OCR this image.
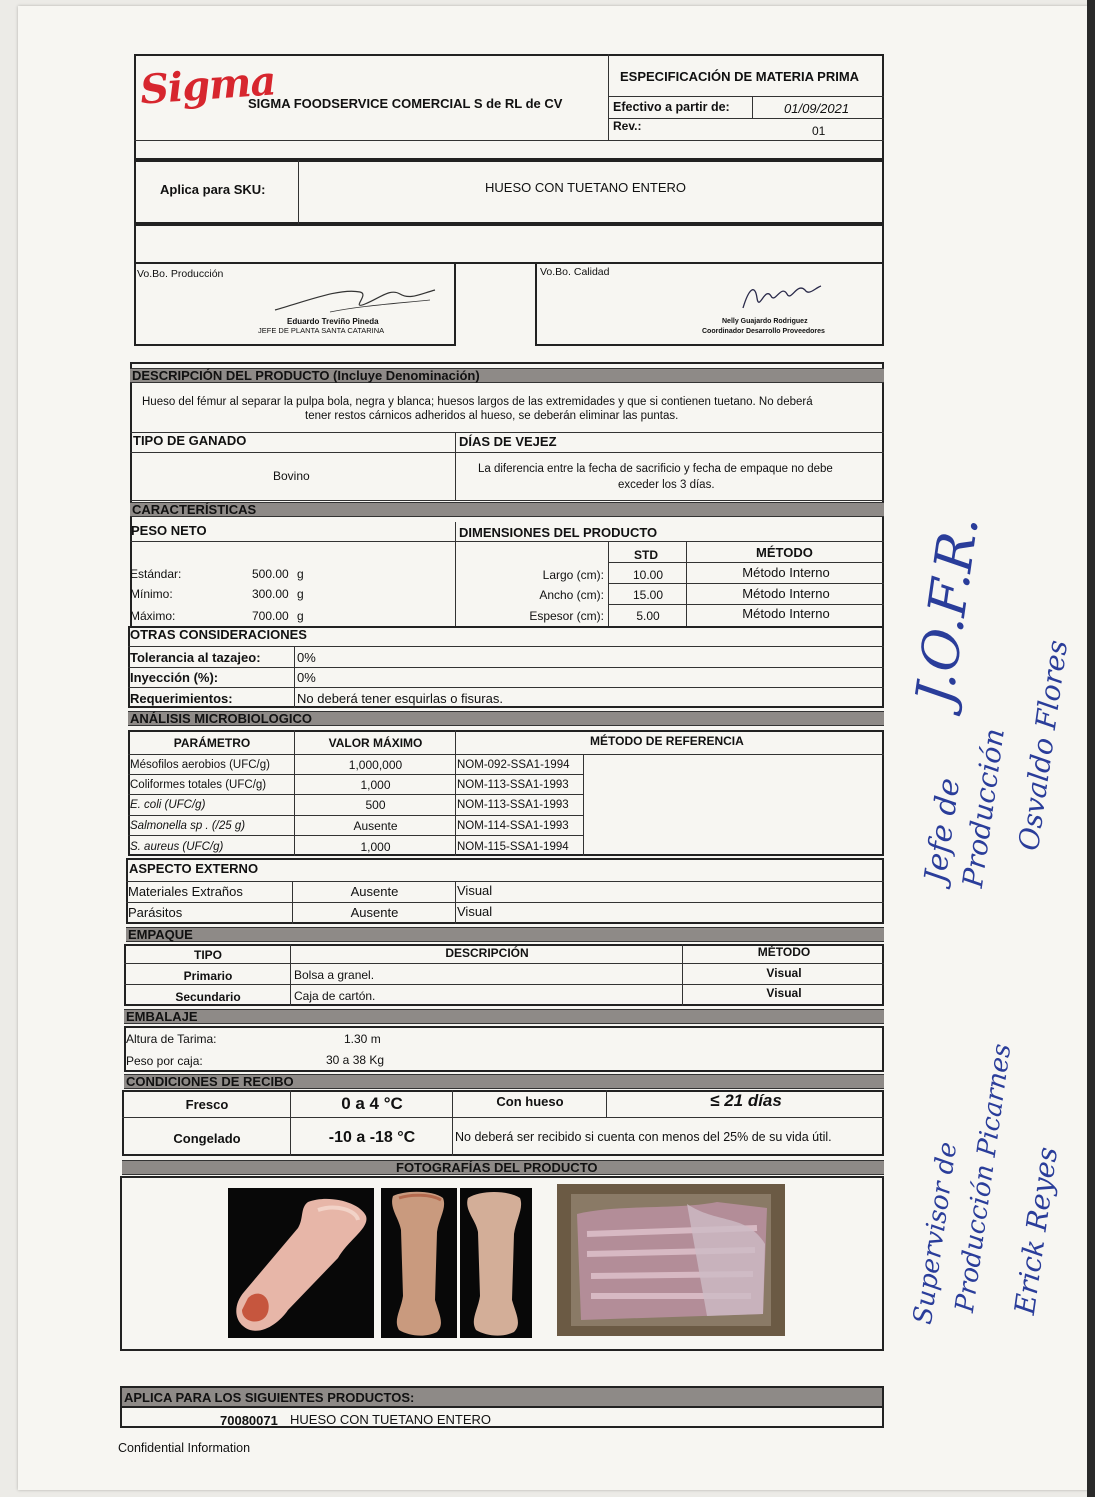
Sigma
SIGMA FOODSERVICE COMERCIAL S de RL de CV
ESPECIFICACIÓN DE MATERIA PRIMA
Efectivo a partir de:	01/09/2021
Rev.:	01
Aplica para SKU:	HUESO CON TUETANO ENTERO
Vo.Bo. Producción
Eduardo Treviño Pineda
JEFE DE PLANTA SANTA CATARINA
Vo.Bo. Calidad
Nelly Guajardo Rodriguez
Coordinador Desarrollo Proveedores
DESCRIPCIÓN DEL PRODUCTO (Incluye Denominación)
Hueso del fémur al separar la pulpa bola, negra y blanca; huesos largos de las extremidades y que si contienen tuetano. No deberá
tener restos cárnicos adheridos al hueso, se deberán eliminar las puntas.
TIPO DE GANADO	DÍAS DE VEJEZ
Bovino	La diferencia entre la fecha de sacrificio y fecha de empaque no debe
exceder los 3 días.
CARACTERÍSTICAS
PESO NETO	DIMENSIONES DEL PRODUCTO
STD	MÉTODO
Estándar:	500.00 g
Mínimo:	300.00 g
Máximo:	700.00 g
Largo (cm):	10.00	Método Interno
Ancho (cm):	15.00	Método Interno
Espesor (cm):	5.00	Método Interno
OTRAS CONSIDERACIONES
Tolerancia al tazajeo:	0%
Inyección (%):	0%
Requerimientos:	No deberá tener esquirlas o fisuras.
ANÁLISIS MICROBIOLOGICO
PARÁMETRO	VALOR MÁXIMO	MÉTODO DE REFERENCIA
Mésofilos aerobios (UFC/g)	1,000,000	NOM-092-SSA1-1994
Coliformes totales (UFC/g)	1,000	NOM-113-SSA1-1993
E. coli (UFC/g)	500	NOM-113-SSA1-1993
Salmonella sp . (/25 g)	Ausente	NOM-114-SSA1-1993
S. aureus (UFC/g)	1,000	NOM-115-SSA1-1994
ASPECTO EXTERNO
Materiales Extraños	Ausente	Visual
Parásitos	Ausente	Visual
EMPAQUE
TIPO	DESCRIPCIÓN	MÉTODO
Primario	Bolsa a granel.	Visual
Secundario	Caja de cartón.	Visual
EMBALAJE
Altura de Tarima:	1.30 m
Peso por caja:	30 a 38 Kg
CONDICIONES DE RECIBO
Fresco	0 a 4 °C	Con hueso	≤ 21 días
Congelado	-10 a -18 °C	No deberá ser recibido si cuenta con menos del 25% de su vida útil.
FOTOGRAFÍAS DEL PRODUCTO
APLICA PARA LOS SIGUIENTES PRODUCTOS:
70080071 HUESO CON TUETANO ENTERO
Confidential Information
J.O.F.R.
Jefe de
Producción Osvaldo Flores
Supervisor de
Producción Picarnes
Erick Reyes
